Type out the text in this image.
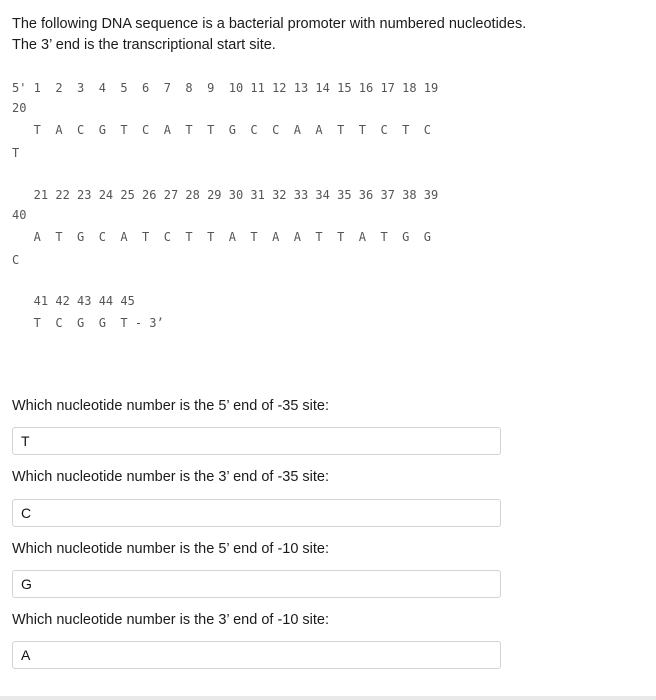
The following DNA sequence is a bacterial promoter with numbered nucleotides.

The 3’ end is the transcriptional start site.

5' 1  2  3  4  5  6  7  8  9  10 11 12 13 14 15 16 17 18 19
20
T  A  C  G  T  C  A  T  T  G  C  C  A  A  T  T  C  T  C
T
21 22 23 24 25 26 27 28 29 30 31 32 33 34 35 36 37 38 39
40
A  T  G  C  A  T  C  T  T  A  T  A  A  T  T  A  T  G  G
C
41 42 43 44 45
T  C  G  G  T - 3’
Which nucleotide number is the 5’ end of -35 site:
T
Which nucleotide number is the 3’ end of -35 site:
C
Which nucleotide number is the 5’ end of -10 site:
G
Which nucleotide number is the 3’ end of -10 site:
A
